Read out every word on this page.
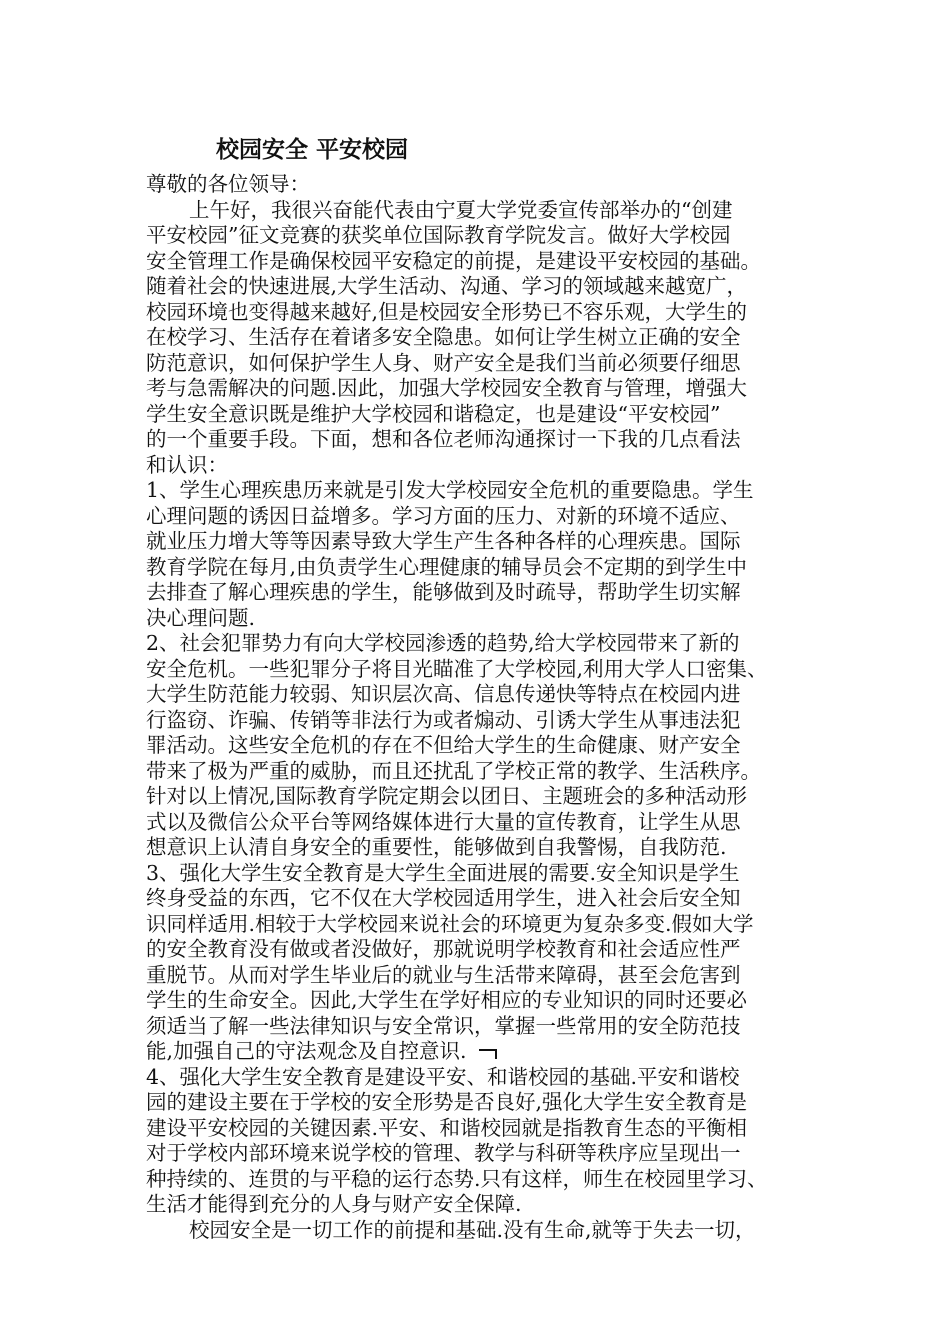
校园安全 平安校园
尊敬的各位领导：
上午好，我很兴奋能代表由宁夏大学党委宣传部举办的“创建
平安校园”征文竞赛的获奖单位国际教育学院发言。做好大学校园
安全管理工作是确保校园平安稳定的前提，是建设平安校园的基础。
随着社会的快速进展,大学生活动、沟通、学习的领域越来越宽广，
校园环境也变得越来越好,但是校园安全形势已不容乐观，大学生的
在校学习、生活存在着诸多安全隐患。如何让学生树立正确的安全
防范意识，如何保护学生人身、财产安全是我们当前必须要仔细思
考与急需解决的问题.因此，加强大学校园安全教育与管理，增强大
学生安全意识既是维护大学校园和谐稳定，也是建设“平安校园”
的一个重要手段。下面，想和各位老师沟通探讨一下我的几点看法
和认识：
1、学生心理疾患历来就是引发大学校园安全危机的重要隐患。学生
心理问题的诱因日益增多。学习方面的压力、对新的环境不适应、
就业压力增大等等因素导致大学生产生各种各样的心理疾患。国际
教育学院在每月,由负责学生心理健康的辅导员会不定期的到学生中
去排查了解心理疾患的学生，能够做到及时疏导，帮助学生切实解
决心理问题.
2、社会犯罪势力有向大学校园渗透的趋势,给大学校园带来了新的
安全危机。一些犯罪分子将目光瞄准了大学校园,利用大学人口密集、
大学生防范能力较弱、知识层次高、信息传递快等特点在校园内进
行盗窃、诈骗、传销等非法行为或者煽动、引诱大学生从事违法犯
罪活动。这些安全危机的存在不但给大学生的生命健康、财产安全
带来了极为严重的威胁，而且还扰乱了学校正常的教学、生活秩序。
针对以上情况,国际教育学院定期会以团日、主题班会的多种活动形
式以及微信公众平台等网络媒体进行大量的宣传教育，让学生从思
想意识上认清自身安全的重要性，能够做到自我警惕，自我防范.
3、强化大学生安全教育是大学生全面进展的需要.安全知识是学生
终身受益的东西，它不仅在大学校园适用学生，进入社会后安全知
识同样适用.相较于大学校园来说社会的环境更为复杂多变.假如大学
的安全教育没有做或者没做好，那就说明学校教育和社会适应性严
重脱节。从而对学生毕业后的就业与生活带来障碍，甚至会危害到
学生的生命安全。因此,大学生在学好相应的专业知识的同时还要必
须适当了解一些法律知识与安全常识，掌握一些常用的安全防范技
能,加强自己的守法观念及自控意识.
4、强化大学生安全教育是建设平安、和谐校园的基础.平安和谐校
园的建设主要在于学校的安全形势是否良好,强化大学生安全教育是
建设平安校园的关键因素.平安、和谐校园就是指教育生态的平衡相
对于学校内部环境来说学校的管理、教学与科研等秩序应呈现出一
种持续的、连贯的与平稳的运行态势.只有这样，师生在校园里学习、
生活才能得到充分的人身与财产安全保障.
校园安全是一切工作的前提和基础.没有生命,就等于失去一切，
